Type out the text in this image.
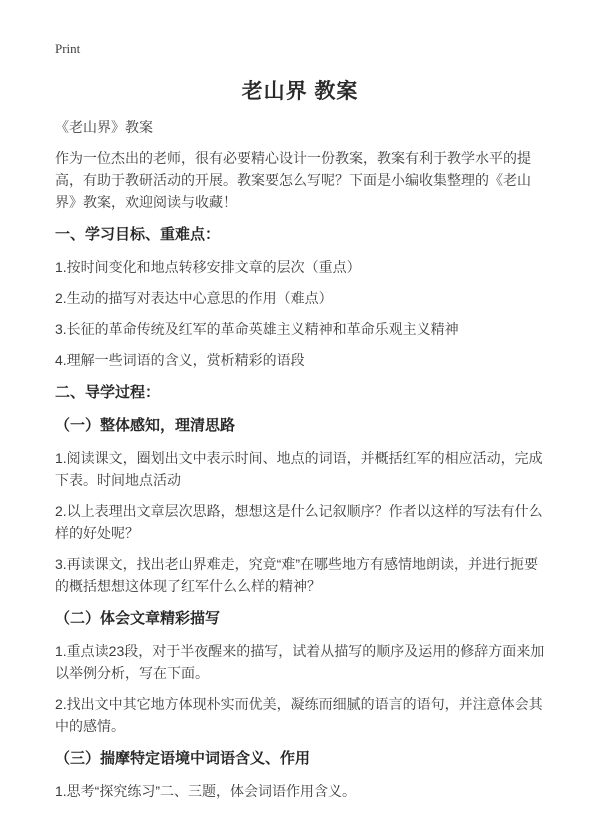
Print
老山界 教案
《老山界》教案
作为一位杰出的老师，很有必要精心设计一份教案，教案有利于教学水平的提高，有助于教研活动的开展。教案要怎么写呢？下面是小编收集整理的《老山界》教案，欢迎阅读与收藏！
一、学习目标、重难点：
1.按时间变化和地点转移安排文章的层次（重点）
2.生动的描写对表达中心意思的作用（难点）
3.长征的革命传统及红军的革命英雄主义精神和革命乐观主义精神
4.理解一些词语的含义，赏析精彩的语段
二、导学过程：
（一）整体感知，理清思路
1.阅读课文，圈划出文中表示时间、地点的词语，并概括红军的相应活动，完成下表。时间地点活动
2.以上表理出文章层次思路，想想这是什么记叙顺序？作者以这样的写法有什么样的好处呢？
3.再读课文，找出老山界难走，究竟“难”在哪些地方有感情地朗读，并进行扼要的概括想想这体现了红军什么么样的精神？
（二）体会文章精彩描写
1.重点读23段，对于半夜醒来的描写，试着从描写的顺序及运用的修辞方面来加以举例分析，写在下面。
2.找出文中其它地方体现朴实而优美，凝练而细腻的语言的语句，并注意体会其中的感情。
（三）揣摩特定语境中词语含义、作用
1.思考“探究练习”二、三题，体会词语作用含义。
